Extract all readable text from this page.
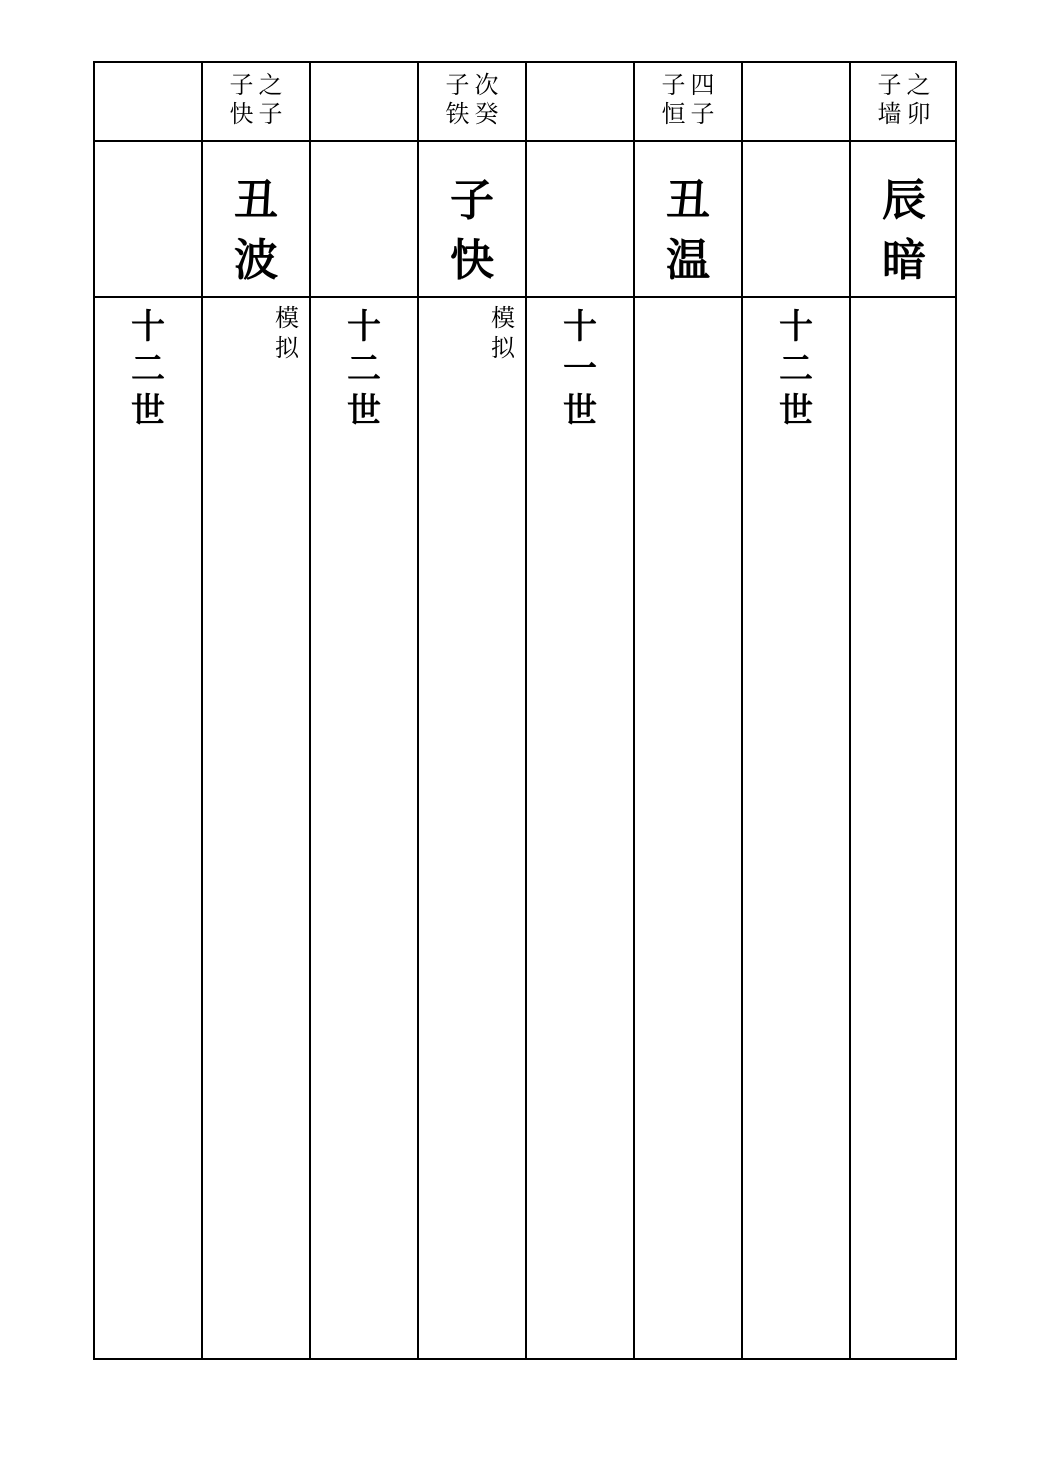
十
二
世
之
子
子
快
丑
波
模
拟
十
二
世
次
癸
子
铁
子
快
模
拟
十
一
世
四
子
子
恒
丑
温
十
二
世
之
卯
子
墙
辰
暗
